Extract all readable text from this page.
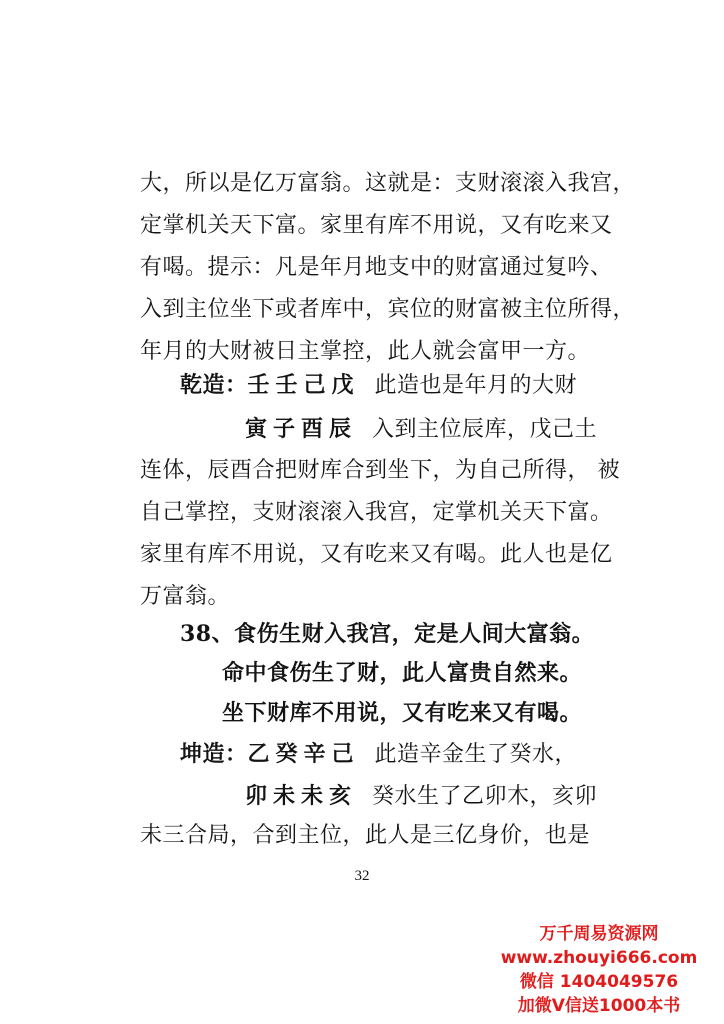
大，所以是亿万富翁。这就是：支财滚滚入我宫，
定掌机关天下富。家里有库不用说，又有吃来又
有喝。提示：凡是年月地支中的财富通过复吟、
入到主位坐下或者库中，宾位的财富被主位所得，
年月的大财被日主掌控，此人就会富甲一方。
乾造：壬壬己戊 此造也是年月的大财
寅子酉辰 入到主位辰库，戊己土
连体，辰酉合把财库合到坐下，为自己所得， 被
自己掌控，支财滚滚入我宫，定掌机关天下富。
家里有库不用说，又有吃来又有喝。此人也是亿
万富翁。
38、食伤生财入我宫，定是人间大富翁。
命中食伤生了财，此人富贵自然来。
坐下财库不用说，又有吃来又有喝。
坤造：乙癸辛己 此造辛金生了癸水，
卯未未亥 癸水生了乙卯木，亥卯
未三合局，合到主位，此人是三亿身价，也是
32
万千周易资源网
www.zhouyi666.com
微信 1404049576
加微V信送1000本书
